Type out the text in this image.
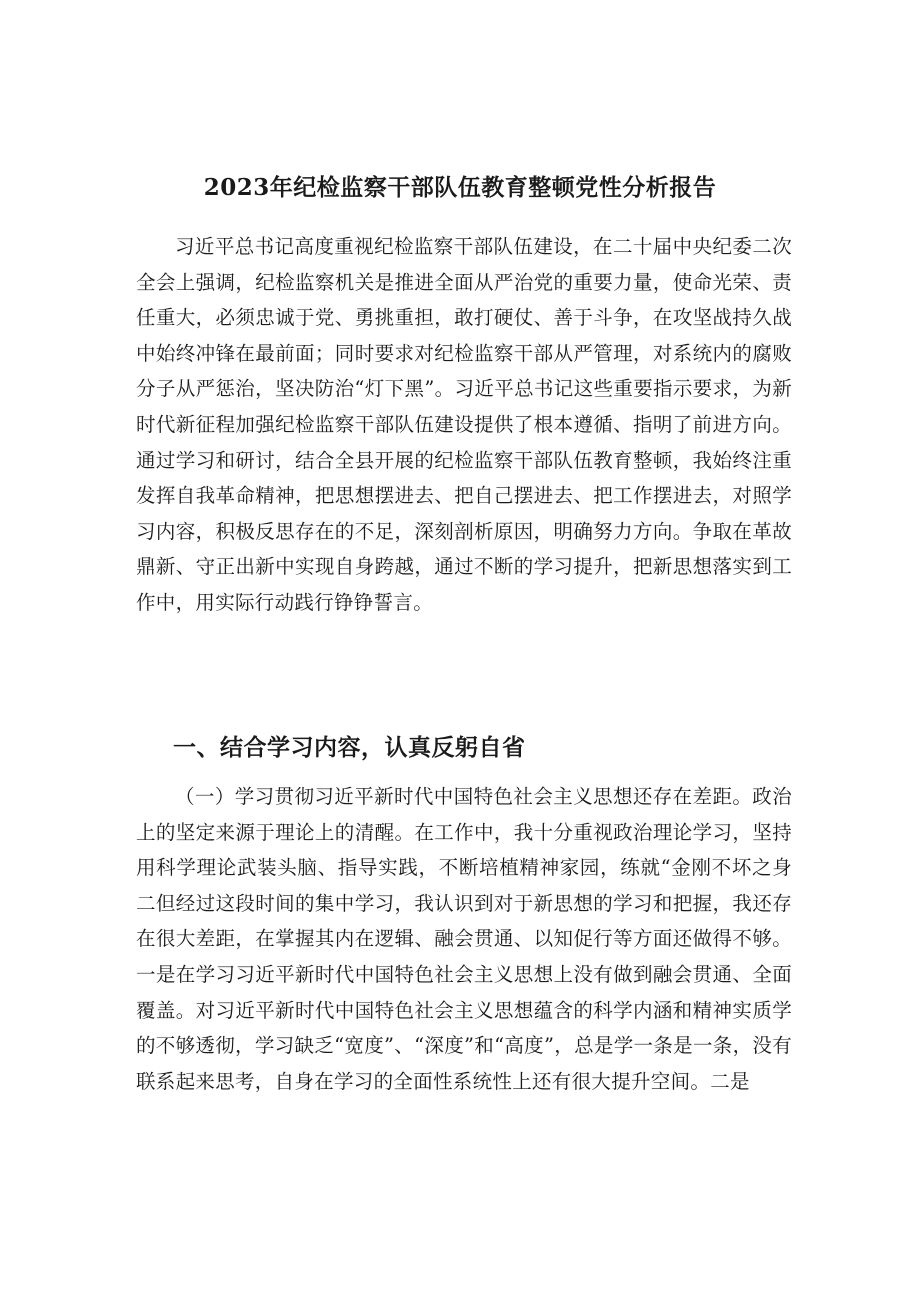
2023年纪检监察干部队伍教育整顿党性分析报告

习近平总书记高度重视纪检监察干部队伍建设，在二十届中央纪委二次全会上强调，纪检监察机关是推进全面从严治党的重要力量，使命光荣、责任重大，必须忠诚于党、勇挑重担，敢打硬仗、善于斗争，在攻坚战持久战中始终冲锋在最前面；同时要求对纪检监察干部从严管理，对系统内的腐败分子从严惩治，坚决防治“灯下黑”。习近平总书记这些重要指示要求，为新时代新征程加强纪检监察干部队伍建设提供了根本遵循、指明了前进方向。通过学习和研讨，结合全县开展的纪检监察干部队伍教育整顿，我始终注重发挥自我革命精神，把思想摆进去、把自己摆进去、把工作摆进去，对照学习内容，积极反思存在的不足，深刻剖析原因，明确努力方向。争取在革故鼎新、守正出新中实现自身跨越，通过不断的学习提升，把新思想落实到工作中，用实际行动践行铮铮誓言。

一、结合学习内容，认真反躬自省

（一）学习贯彻习近平新时代中国特色社会主义思想还存在差距。政治上的坚定来源于理论上的清醒。在工作中，我十分重视政治理论学习，坚持用科学理论武装头脑、指导实践，不断培植精神家园，练就“金刚不坏之身二但经过这段时间的集中学习，我认识到对于新思想的学习和把握，我还存在很大差距，在掌握其内在逻辑、融会贯通、以知促行等方面还做得不够。一是在学习习近平新时代中国特色社会主义思想上没有做到融会贯通、全面覆盖。对习近平新时代中国特色社会主义思想蕴含的科学内涵和精神实质学的不够透彻，学习缺乏“宽度”、“深度”和“高度”，总是学一条是一条，没有联系起来思考，自身在学习的全面性系统性上还有很大提升空间。二是
